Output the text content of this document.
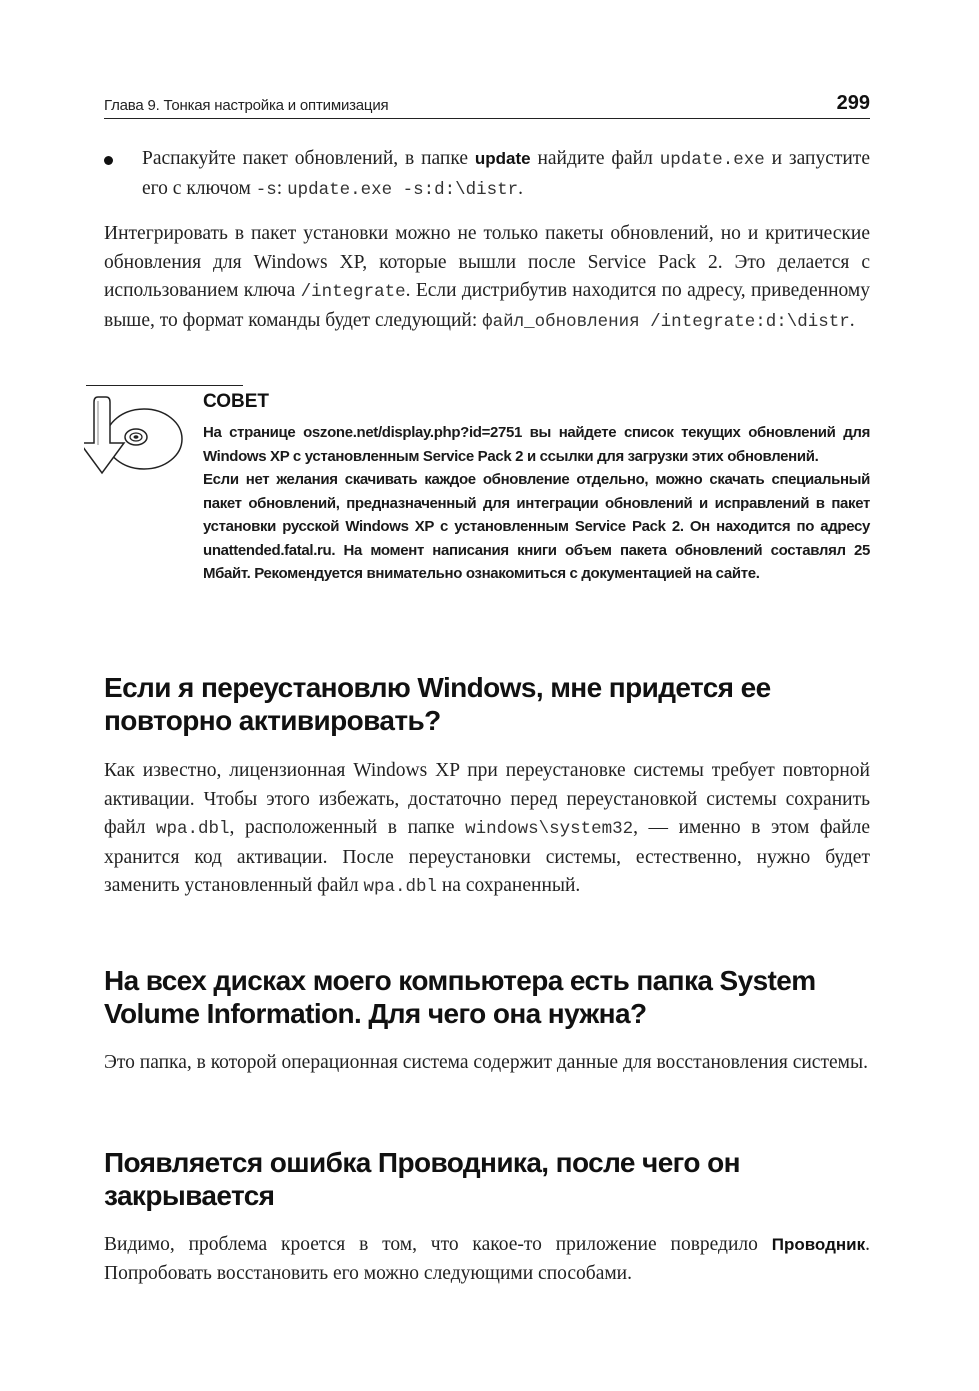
Глава 9. Тонкая настройка и оптимизация	299

Распакуйте пакет обновлений, в папке update найдите файл update.exe и запустите его с ключом -s: update.exe -s:d:\distr.

Интегрировать в пакет установки можно не только пакеты обновлений, но и критические обновления для Windows XP, которые вышли после Service Pack 2. Это делается с использованием ключа /integrate. Если дистрибутив находится по адресу, приведенному выше, то формат команды будет следующий: файл_обновления /integrate:d:\distr.

СОВЕТ

На странице oszone.net/display.php?id=2751 вы найдете список текущих обновлений для Windows XP с установленным Service Pack 2 и ссылки для загрузки этих обновлений.

Если нет желания скачивать каждое обновление отдельно, можно скачать специальный пакет обновлений, предназначенный для интеграции обновлений и исправлений в пакет установки русской Windows XP с установленным Service Pack 2. Он находится по адресу unattended.fatal.ru. На момент написания книги объем пакета обновлений составлял 25 Мбайт. Рекомендуется внимательно ознакомиться с документацией на сайте.

Если я переустановлю Windows, мне придется ее повторно активировать?

Как известно, лицензионная Windows XP при переустановке системы требует повторной активации. Чтобы этого избежать, достаточно перед переустановкой системы сохранить файл wpa.dbl, расположенный в папке windows\system32, — именно в этом файле хранится код активации. После переустановки системы, естественно, нужно будет заменить установленный файл wpa.dbl на сохраненный.

На всех дисках моего компьютера есть папка System Volume Information. Для чего она нужна?

Это папка, в которой операционная система содержит данные для восстановления системы.

Появляется ошибка Проводника, после чего он закрывается

Видимо, проблема кроется в том, что какое-то приложение повредило Проводник. Попробовать восстановить его можно следующими способами.
